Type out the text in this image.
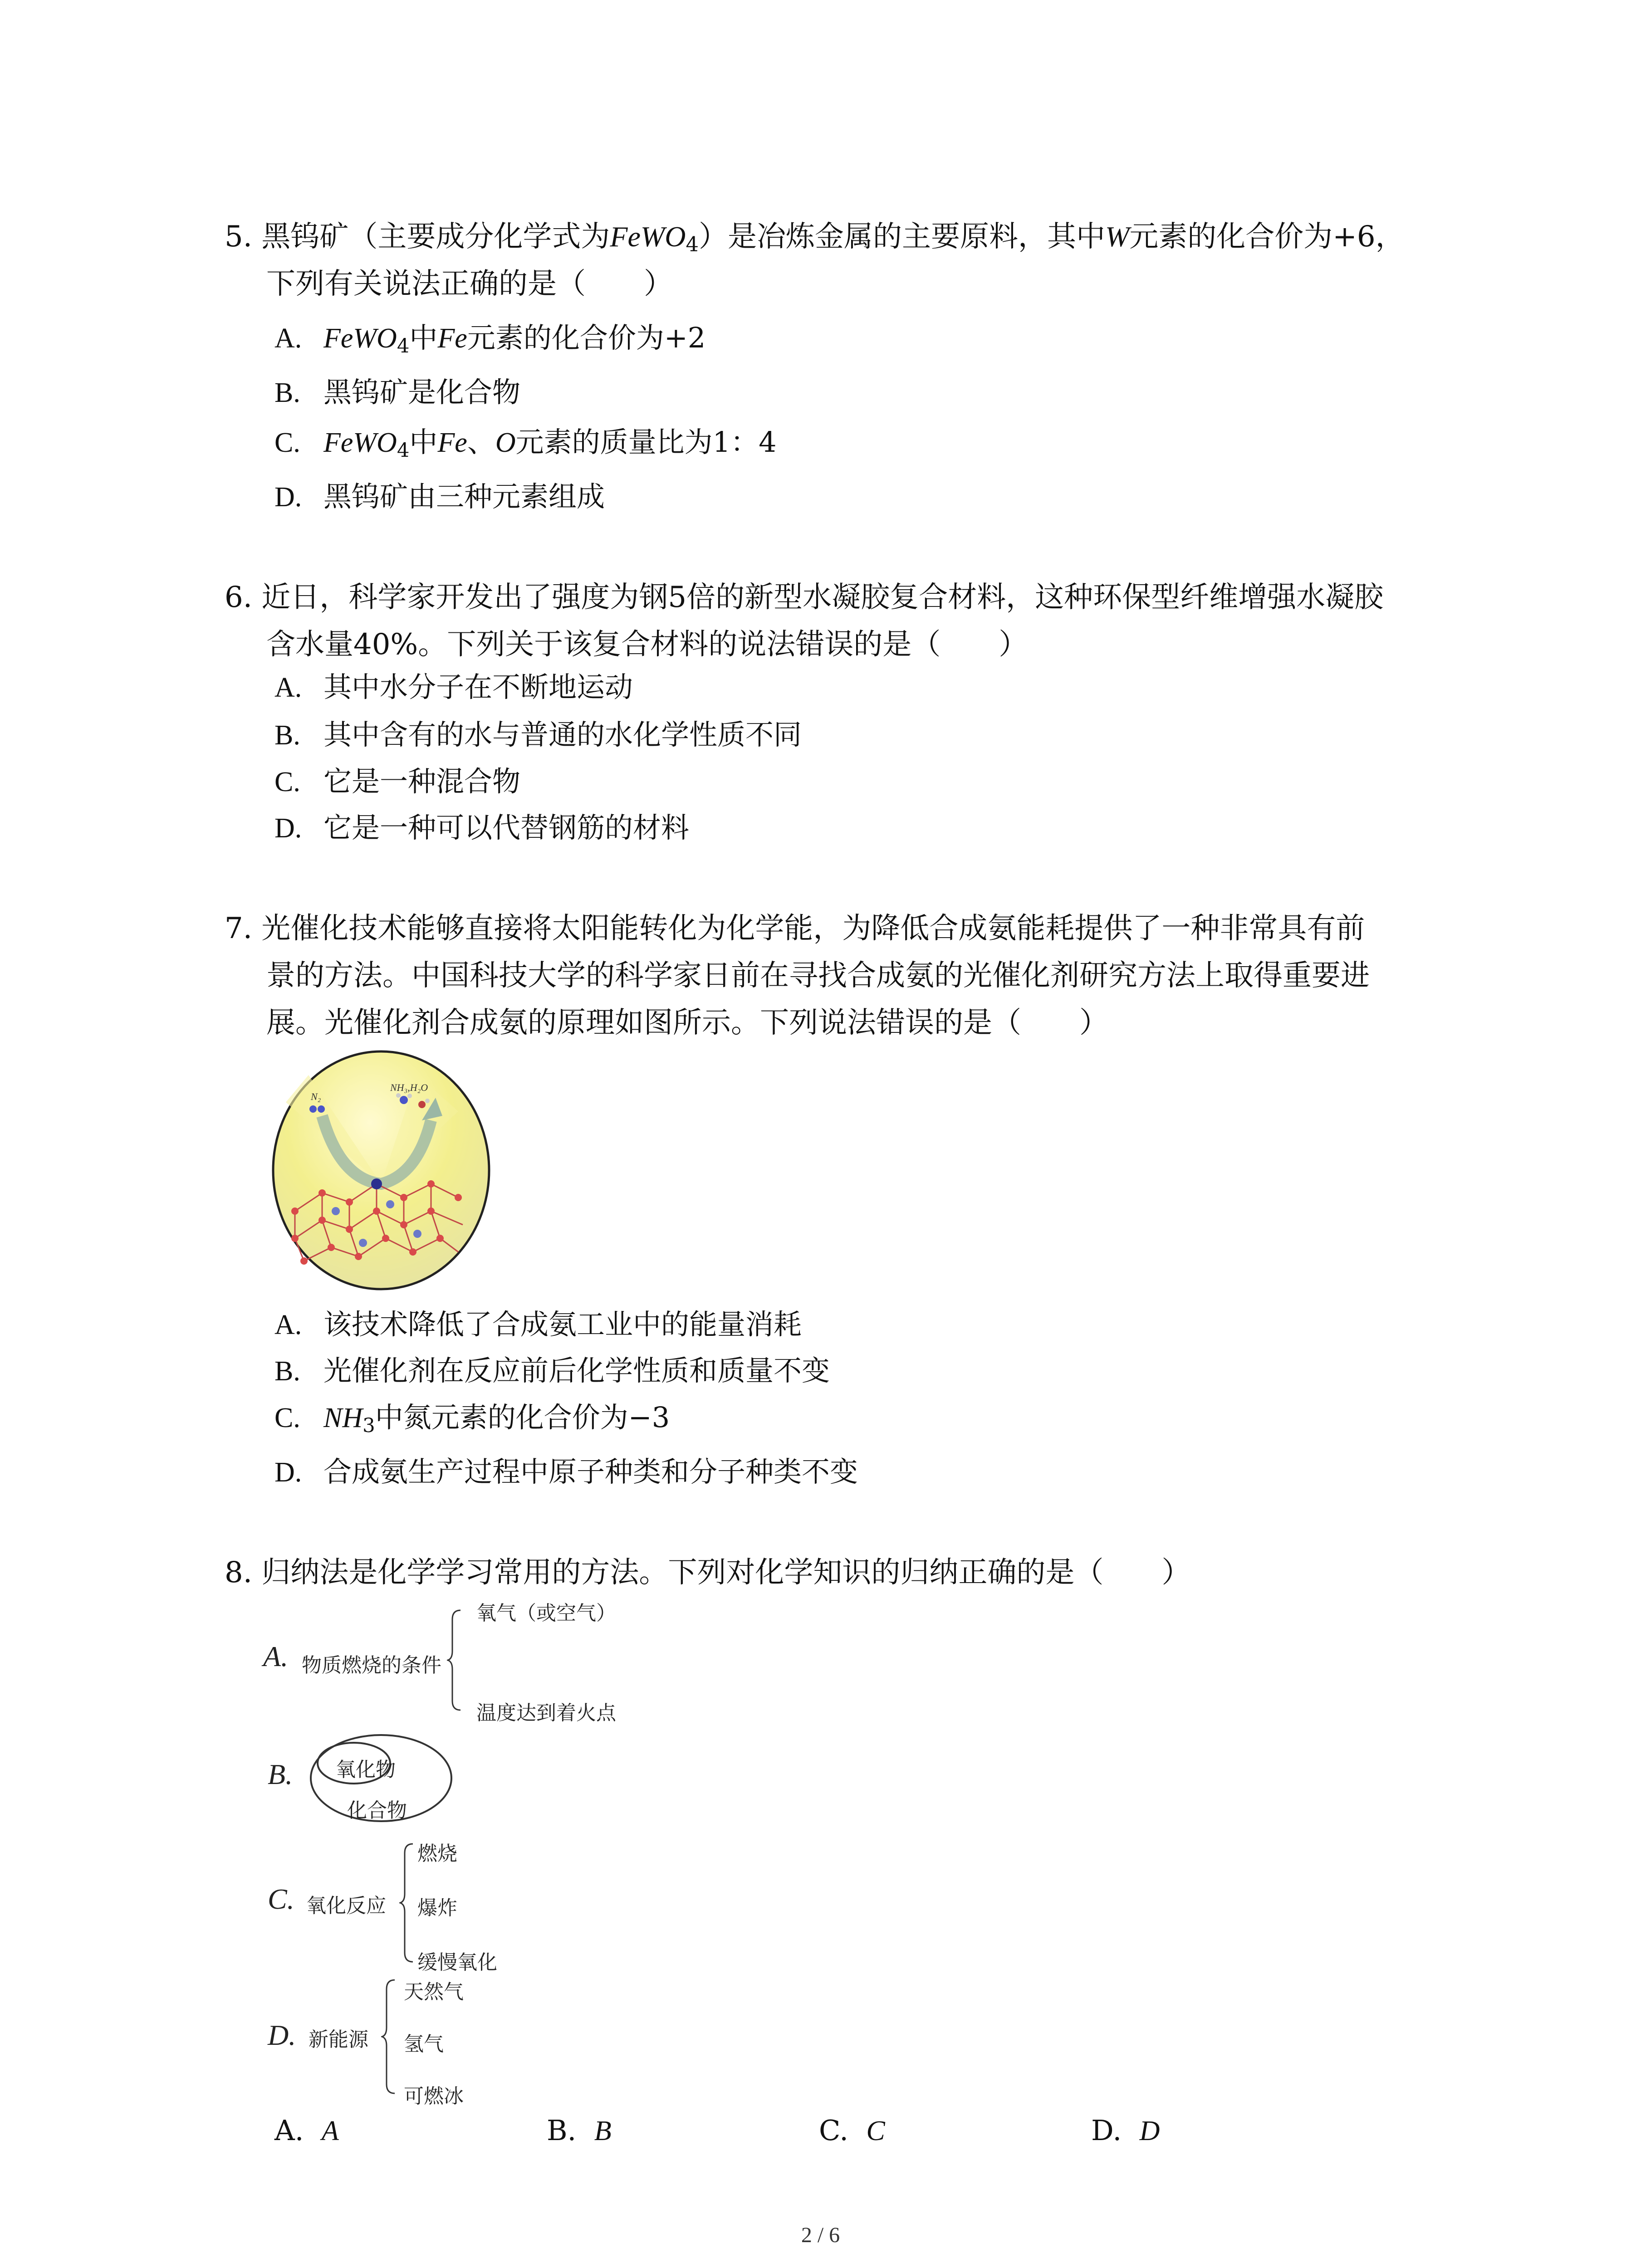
5. 黑钨矿（主要成分化学式为FeWO$_4$）是冶炼金属的主要原料，其中W元素的化合价为+6，
下列有关说法正确的是（　　）
A. FeWO$_4$中Fe元素的化合价为+2
B. 黑钨矿是化合物
C. FeWO$_4$中Fe、O元素的质量比为1：4
D. 黑钨矿由三种元素组成
6. 近日，科学家开发出了强度为钢5倍的新型水凝胶复合材料，这种环保型纤维增强水凝胶
含水量40%。下列关于该复合材料的说法错误的是（　　）
A. 其中水分子在不断地运动
B. 其中含有的水与普通的水化学性质不同
C. 它是一种混合物
D. 它是一种可以代替钢筋的材料
7. 光催化技术能够直接将太阳能转化为化学能，为降低合成氨能耗提供了一种非常具有前
景的方法。中国科技大学的科学家日前在寻找合成氨的光催化剂研究方法上取得重要进
展。光催化剂合成氨的原理如图所示。下列说法错误的是（　　）
N₂
NH₃,H₂O
A. 该技术降低了合成氨工业中的能量消耗
B. 光催化剂在反应前后化学性质和质量不变
C. $NH_3$中氮元素的化合价为−3
D. 合成氨生产过程中原子种类和分子种类不变
8. 归纳法是化学学习常用的方法。下列对化学知识的归纳正确的是（　　）
A. 物质燃烧的条件
氧气（或空气）
温度达到着火点
B. 氧化物
化合物
C. 氧化反应
燃烧
爆炸
缓慢氧化
D. 新能源
天然气
氢气
可燃冰
A. A	B. B	C. C	D. D
2 / 6
